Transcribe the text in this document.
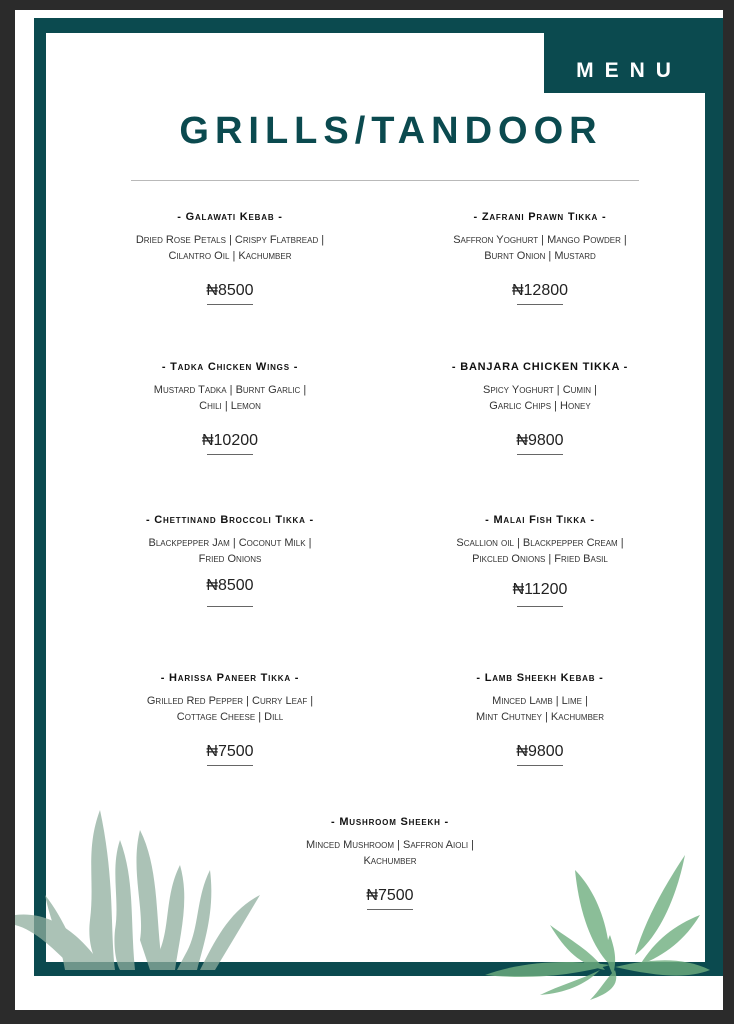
MENU
GRILLS/TANDOOR
- Galawati Kebab -
Dried Rose Petals | Crispy Flatbread |
Cilantro Oil | Kachumber
₦8500
- Zafrani Prawn Tikka -
Saffron Yoghurt | Mango Powder |
Burnt Onion | Mustard
₦12800
- Tadka Chicken Wings -
Mustard Tadka | Burnt Garlic |
Chili | Lemon
₦10200
- BANJARA CHICKEN TIKKA -
Spicy Yoghurt | Cumin |
Garlic Chips | Honey
₦9800
- Chettinand Broccoli Tikka -
Blackpepper Jam | Coconut Milk |
Fried Onions
₦8500
- Malai Fish Tikka -
Scallion oil | Blackpepper Cream |
Pikcled Onions | Fried Basil
₦11200
- Harissa Paneer Tikka -
Grilled Red Pepper | Curry Leaf |
Cottage Cheese | Dill
₦7500
- Lamb Sheekh Kebab -
Minced Lamb | Lime |
Mint Chutney | Kachumber
₦9800
- Mushroom Sheekh -
Minced Mushroom | Saffron Aioli |
Kachumber
₦7500
